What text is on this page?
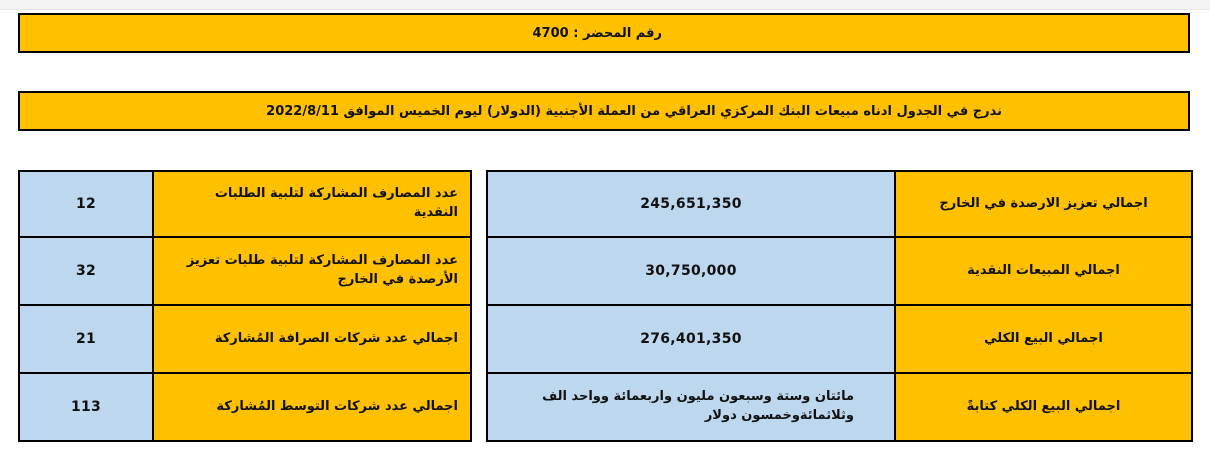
رقم المحضر : 4700
ندرج في الجدول ادناه مبيعات البنك المركزي العراقي من العملة الأجنبية (الدولار) ليوم الخميس الموافق 2022/8/11
اجمالي تعزيز الارصدة في الخارج	245,651,350
اجمالي المبيعات النقدية	30,750,000
اجمالي البيع الكلي	276,401,350
اجمالي البيع الكلي كتابةً	مائتان وستة وسبعون مليون واربعمائة وواحد الف وثلاثمائةوخمسون دولار
عدد المصارف المشاركة لتلبية الطلبات النقدية	12

عدد المصارف المشاركة لتلبية طلبات تعزيز الأرصدة في الخارج	32
اجمالي عدد شركات الصرافة المُشاركة	21
اجمالي عدد شركات التوسط المُشاركة	113
